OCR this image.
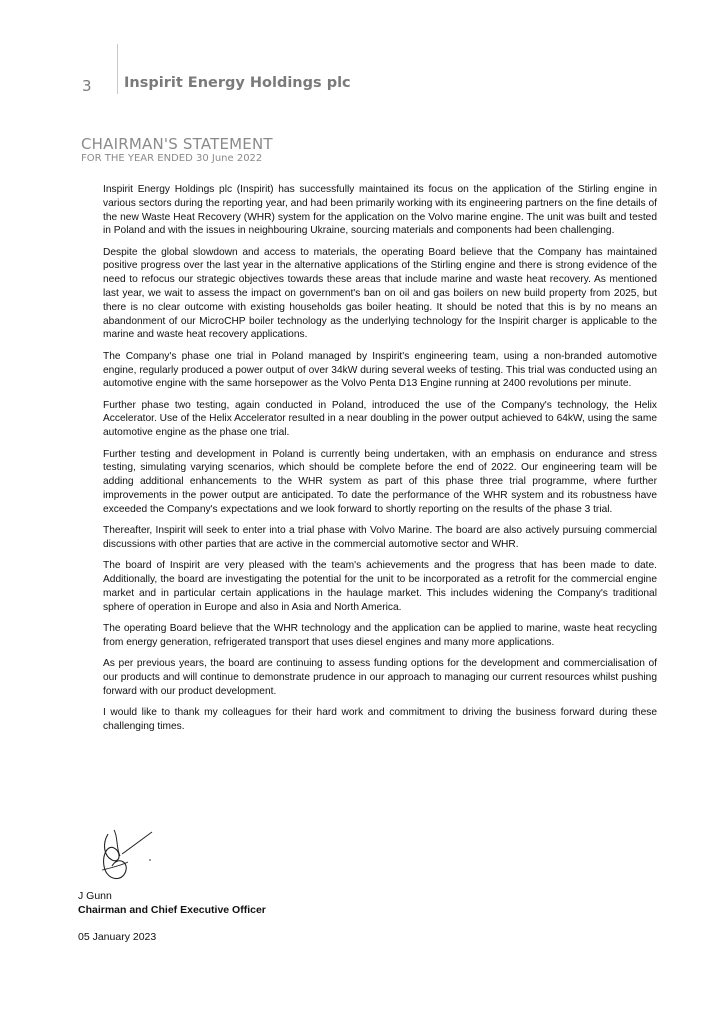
3 Inspirit Energy Holdings plc
CHAIRMAN'S STATEMENT
FOR THE YEAR ENDED 30 June 2022

Inspirit Energy Holdings plc (Inspirit) has successfully maintained its focus on the application of the Stirling engine in various sectors during the reporting year, and had been primarily working with its engineering partners on the fine details of the new Waste Heat Recovery (WHR) system for the application on the Volvo marine engine. The unit was built and tested in Poland and with the issues in neighbouring Ukraine, sourcing materials and components had been challenging.

Despite the global slowdown and access to materials, the operating Board believe that the Company has maintained positive progress over the last year in the alternative applications of the Stirling engine and there is strong evidence of the need to refocus our strategic objectives towards these areas that include marine and waste heat recovery. As mentioned last year, we wait to assess the impact on government's ban on oil and gas boilers on new build property from 2025, but there is no clear outcome with existing households gas boiler heating. It should be noted that this is by no means an abandonment of our MicroCHP boiler technology as the underlying technology for the Inspirit charger is applicable to the marine and waste heat recovery applications.

The Company's phase one trial in Poland managed by Inspirit's engineering team, using a non-branded automotive engine, regularly produced a power output of over 34kW during several weeks of testing. This trial was conducted using an automotive engine with the same horsepower as the Volvo Penta D13 Engine running at 2400 revolutions per minute.

Further phase two testing, again conducted in Poland, introduced the use of the Company's technology, the Helix Accelerator. Use of the Helix Accelerator resulted in a near doubling in the power output achieved to 64kW, using the same automotive engine as the phase one trial.

Further testing and development in Poland is currently being undertaken, with an emphasis on endurance and stress testing, simulating varying scenarios, which should be complete before the end of 2022. Our engineering team will be adding additional enhancements to the WHR system as part of this phase three trial programme, where further improvements in the power output are anticipated. To date the performance of the WHR system and its robustness have exceeded the Company's expectations and we look forward to shortly reporting on the results of the phase 3 trial.

Thereafter, Inspirit will seek to enter into a trial phase with Volvo Marine. The board are also actively pursuing commercial discussions with other parties that are active in the commercial automotive sector and WHR.

The board of Inspirit are very pleased with the team's achievements and the progress that has been made to date. Additionally, the board are investigating the potential for the unit to be incorporated as a retrofit for the commercial engine market and in particular certain applications in the haulage market. This includes widening the Company's traditional sphere of operation in Europe and also in Asia and North America.

The operating Board believe that the WHR technology and the application can be applied to marine, waste heat recycling from energy generation, refrigerated transport that uses diesel engines and many more applications.

As per previous years, the board are continuing to assess funding options for the development and commercialisation of our products and will continue to demonstrate prudence in our approach to managing our current resources whilst pushing forward with our product development.

I would like to thank my colleagues for their hard work and commitment to driving the business forward during these challenging times.

J Gunn
Chairman and Chief Executive Officer
05 January 2023
